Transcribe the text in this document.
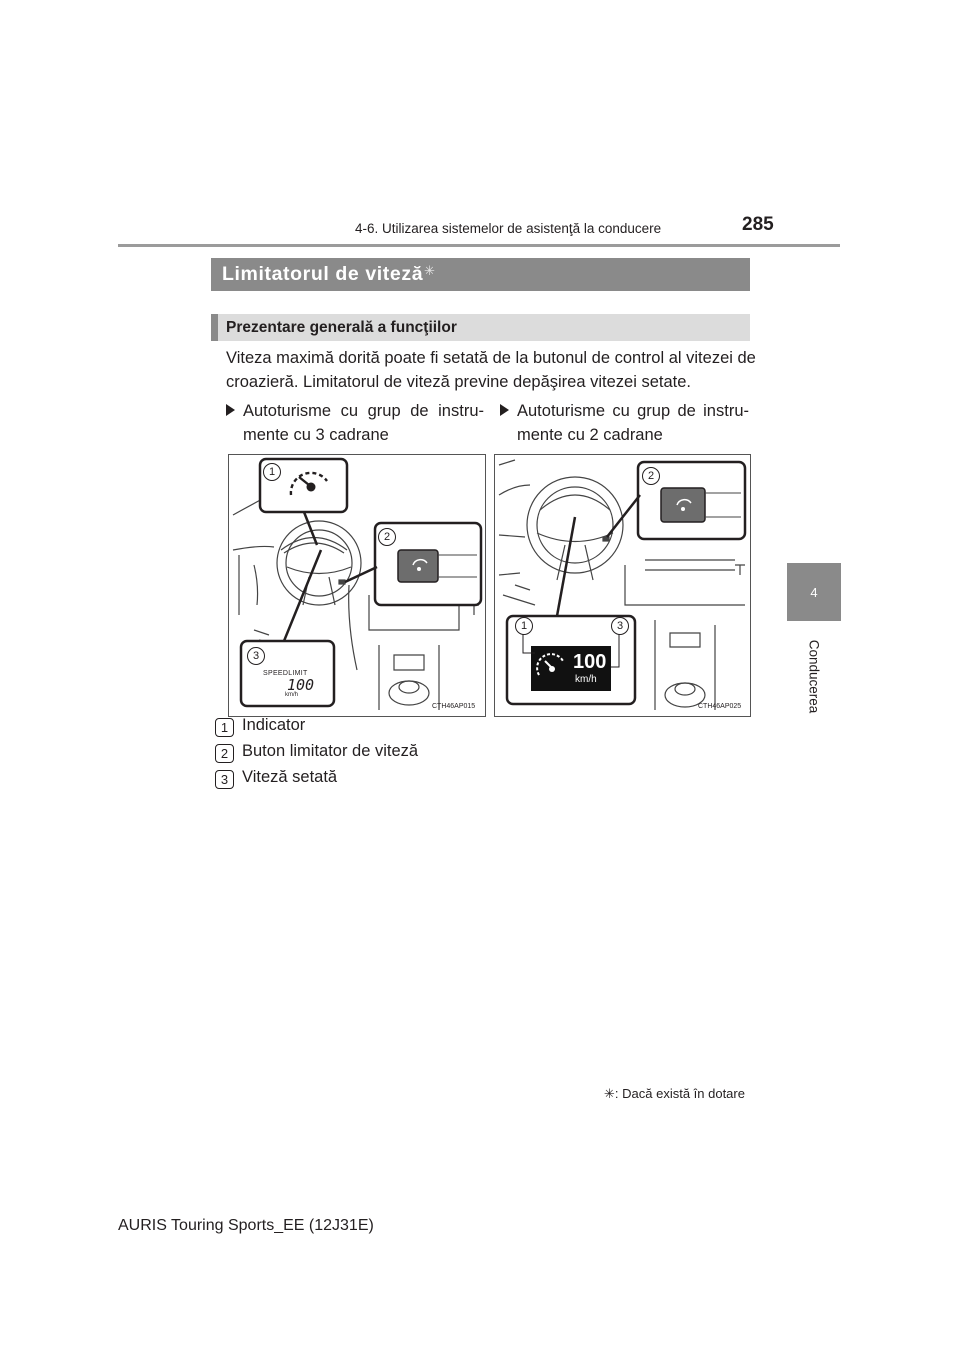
4-6. Utilizarea sistemelor de asistenţă la conducere	285
4
Conducerea
Limitatorul de viteză✳
Prezentare generală a funcţiilor
Viteza maximă dorită poate fi setată de la butonul de control al vitezei de croazieră. Limitatorul de viteză previne depăşirea vitezei setate.
Autoturisme cu grup de instru-mente cu 3 cadrane
Autoturisme cu grup de instru-mente cu 2 cadrane
1
2
3
SPEEDLIMIT
100
km/h
CTH46AP015
2
1	3
100
km/h
CTH46AP025
1 Indicator
2 Buton limitator de viteză
3 Viteză setată
✳: Dacă există în dotare
AURIS Touring Sports_EE (12J31E)
